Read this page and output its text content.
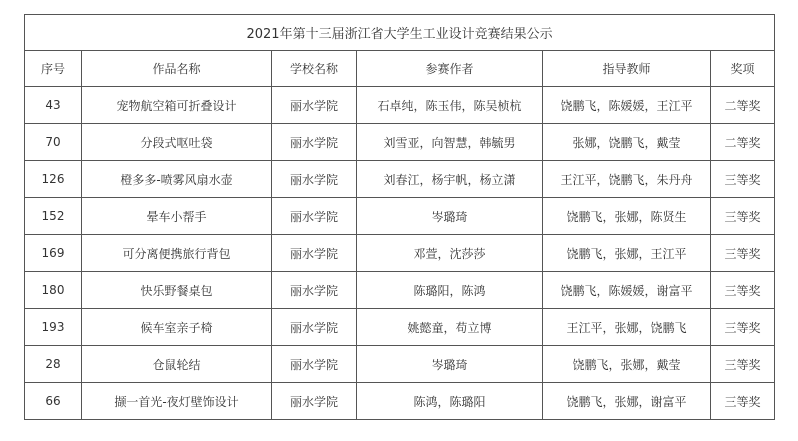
2021年第十三届浙江省大学生工业设计竞赛结果公示					
序号	作品名称	学校名称	参赛作者	指导教师	奖项
43	宠物航空箱可折叠设计	丽水学院	石卓纯，陈玉伟，陈吴桢杭	饶鹏飞，陈媛媛，王江平	二等奖
70	分段式呕吐袋	丽水学院	刘雪亚，向智慧，韩毓男	张娜，饶鹏飞，戴莹	二等奖
126	橙多多-喷雾风扇水壶	丽水学院	刘春江，杨宇帆，杨立潇	王江平，饶鹏飞，朱丹舟	三等奖
152	晕车小帮手	丽水学院	岑璐琦	饶鹏飞，张娜，陈贤生	三等奖
169	可分离便携旅行背包	丽水学院	邓萱，沈莎莎	饶鹏飞，张娜，王江平	三等奖
180	快乐野餐桌包	丽水学院	陈璐阳，陈鸿	饶鹏飞，陈媛媛，谢富平	三等奖
193	候车室亲子椅	丽水学院	姚懿童，苟立博	王江平，张娜，饶鹏飞	三等奖
28	仓鼠轮结	丽水学院	岑璐琦	饶鹏飞，张娜，戴莹	三等奖
66	撷一首光-夜灯壁饰设计	丽水学院	陈鸿，陈璐阳	饶鹏飞，张娜，谢富平	三等奖
